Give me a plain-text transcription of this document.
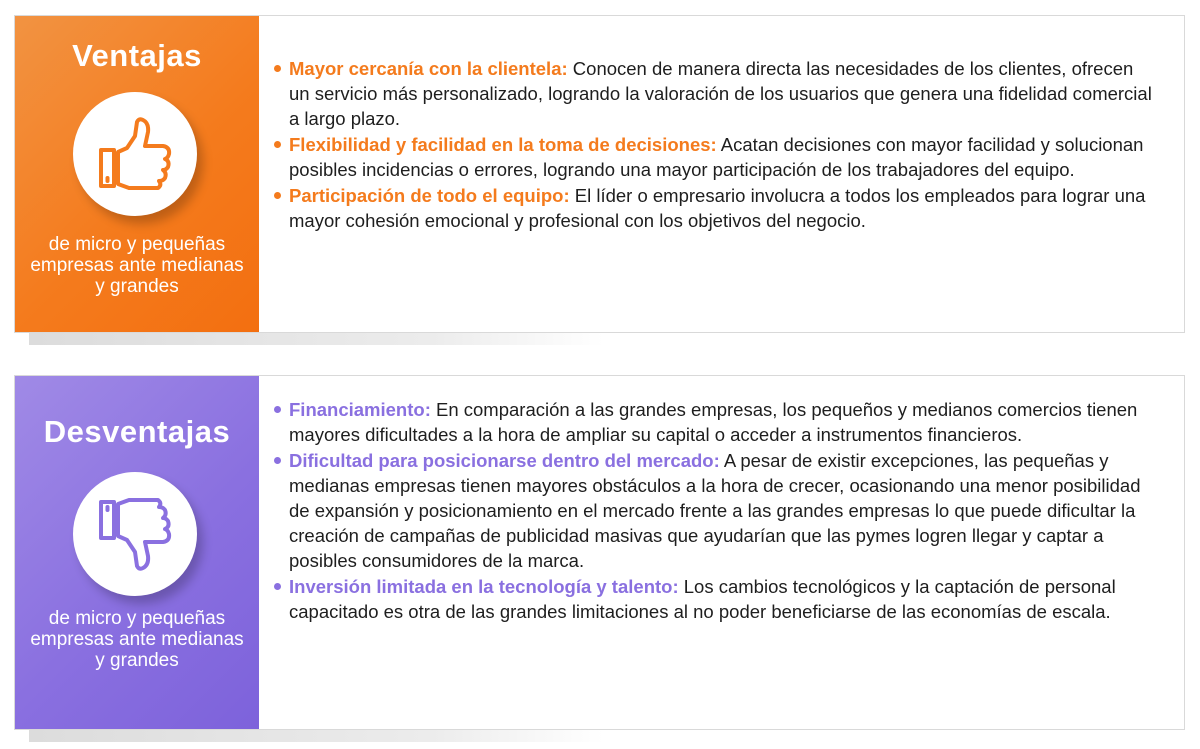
Ventajas
de micro y pequeñas empresas ante medianas y grandes
Mayor cercanía con la clientela: Conocen de manera directa las necesidades de los clientes, ofrecen un servicio más personalizado, logrando la valoración de los usuarios que genera una fidelidad comercial a largo plazo.
Flexibilidad y facilidad en la toma de decisiones: Acatan decisiones con mayor facilidad y solucionan posibles incidencias o errores, logrando una mayor participación de los trabajadores del equipo.
Participación de todo el equipo: El líder o empresario involucra a todos los empleados para lograr una mayor cohesión emocional y profesional con los objetivos del negocio.
Desventajas
de micro y pequeñas empresas ante medianas y grandes
Financiamiento: En comparación a las grandes empresas, los pequeños y medianos comercios tienen mayores dificultades a la hora de ampliar su capital o acceder a instrumentos financieros.
Dificultad para posicionarse dentro del mercado: A pesar de existir excepciones, las pequeñas y medianas empresas tienen mayores obstáculos a la hora de crecer, ocasionando una menor posibilidad de expansión y posicionamiento en el mercado frente a las grandes empresas lo que puede dificultar la creación de campañas de publicidad masivas que ayudarían que las pymes logren llegar y captar a posibles consumidores de la marca.
Inversión limitada en la tecnología y talento: Los cambios tecnológicos y la captación de personal capacitado es otra de las grandes limitaciones al no poder beneficiarse de las economías de escala.
